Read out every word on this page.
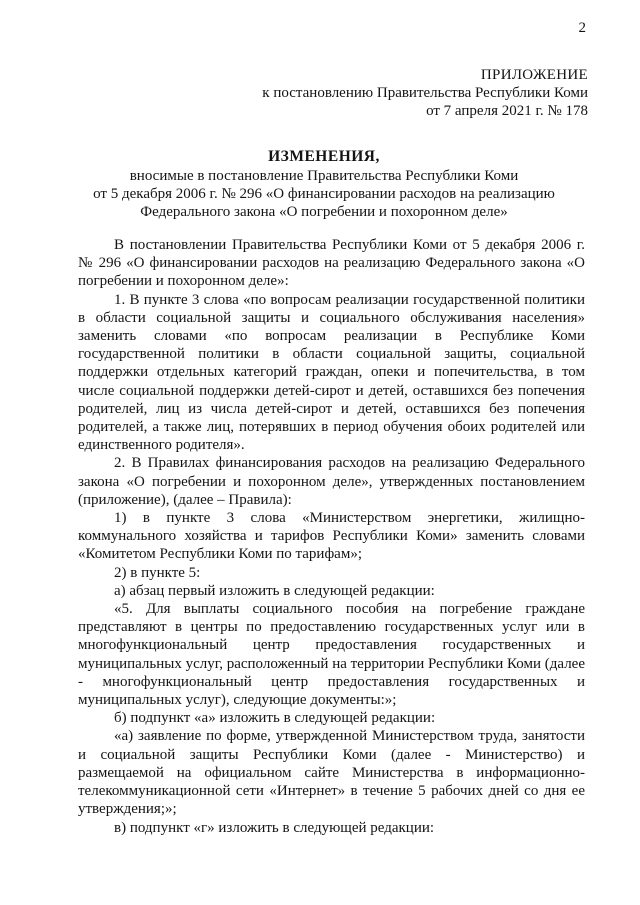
2
ПРИЛОЖЕНИЕ
к постановлению Правительства Республики Коми
от 7 апреля 2021 г. № 178
ИЗМЕНЕНИЯ,
вносимые в постановление Правительства Республики Коми
от 5 декабря 2006 г. № 296 «О финансировании расходов на реализацию
Федерального закона «О погребении и похоронном деле»

В постановлении Правительства Республики Коми от 5 декабря 2006 г. № 296 «О финансировании расходов на реализацию Федерального закона «О погребении и похоронном деле»:

1. В пункте 3 слова «по вопросам реализации государственной политики в области социальной защиты и социального обслуживания населения» заменить словами «по вопросам реализации в Республике Коми государственной политики в области социальной защиты, социальной поддержки отдельных категорий граждан, опеки и попечительства, в том числе социальной поддержки детей-сирот и детей, оставшихся без попечения родителей, лиц из числа детей-сирот и детей, оставшихся без попечения родителей, а также лиц, потерявших в период обучения обоих родителей или единственного родителя».

2. В Правилах финансирования расходов на реализацию Федерального закона «О погребении и похоронном деле», утвержденных постановлением (приложение), (далее – Правила):

1) в пункте 3 слова «Министерством энергетики, жилищно-коммунального хозяйства и тарифов Республики Коми» заменить словами «Комитетом Республики Коми по тарифам»;

2) в пункте 5:

а) абзац первый изложить в следующей редакции:

«5. Для выплаты социального пособия на погребение граждане представляют в центры по предоставлению государственных услуг или в многофункциональный центр предоставления государственных и муниципальных услуг, расположенный на территории Республики Коми (далее - многофункциональный центр предоставления государственных и муниципальных услуг), следующие документы:»;

б) подпункт «а» изложить в следующей редакции:

«а) заявление по форме, утвержденной Министерством труда, занятости и социальной защиты Республики Коми (далее - Министерство) и размещаемой на официальном сайте Министерства в информационно-телекоммуникационной сети «Интернет» в течение 5 рабочих дней со дня ее утверждения;»;

в) подпункт «г» изложить в следующей редакции:
